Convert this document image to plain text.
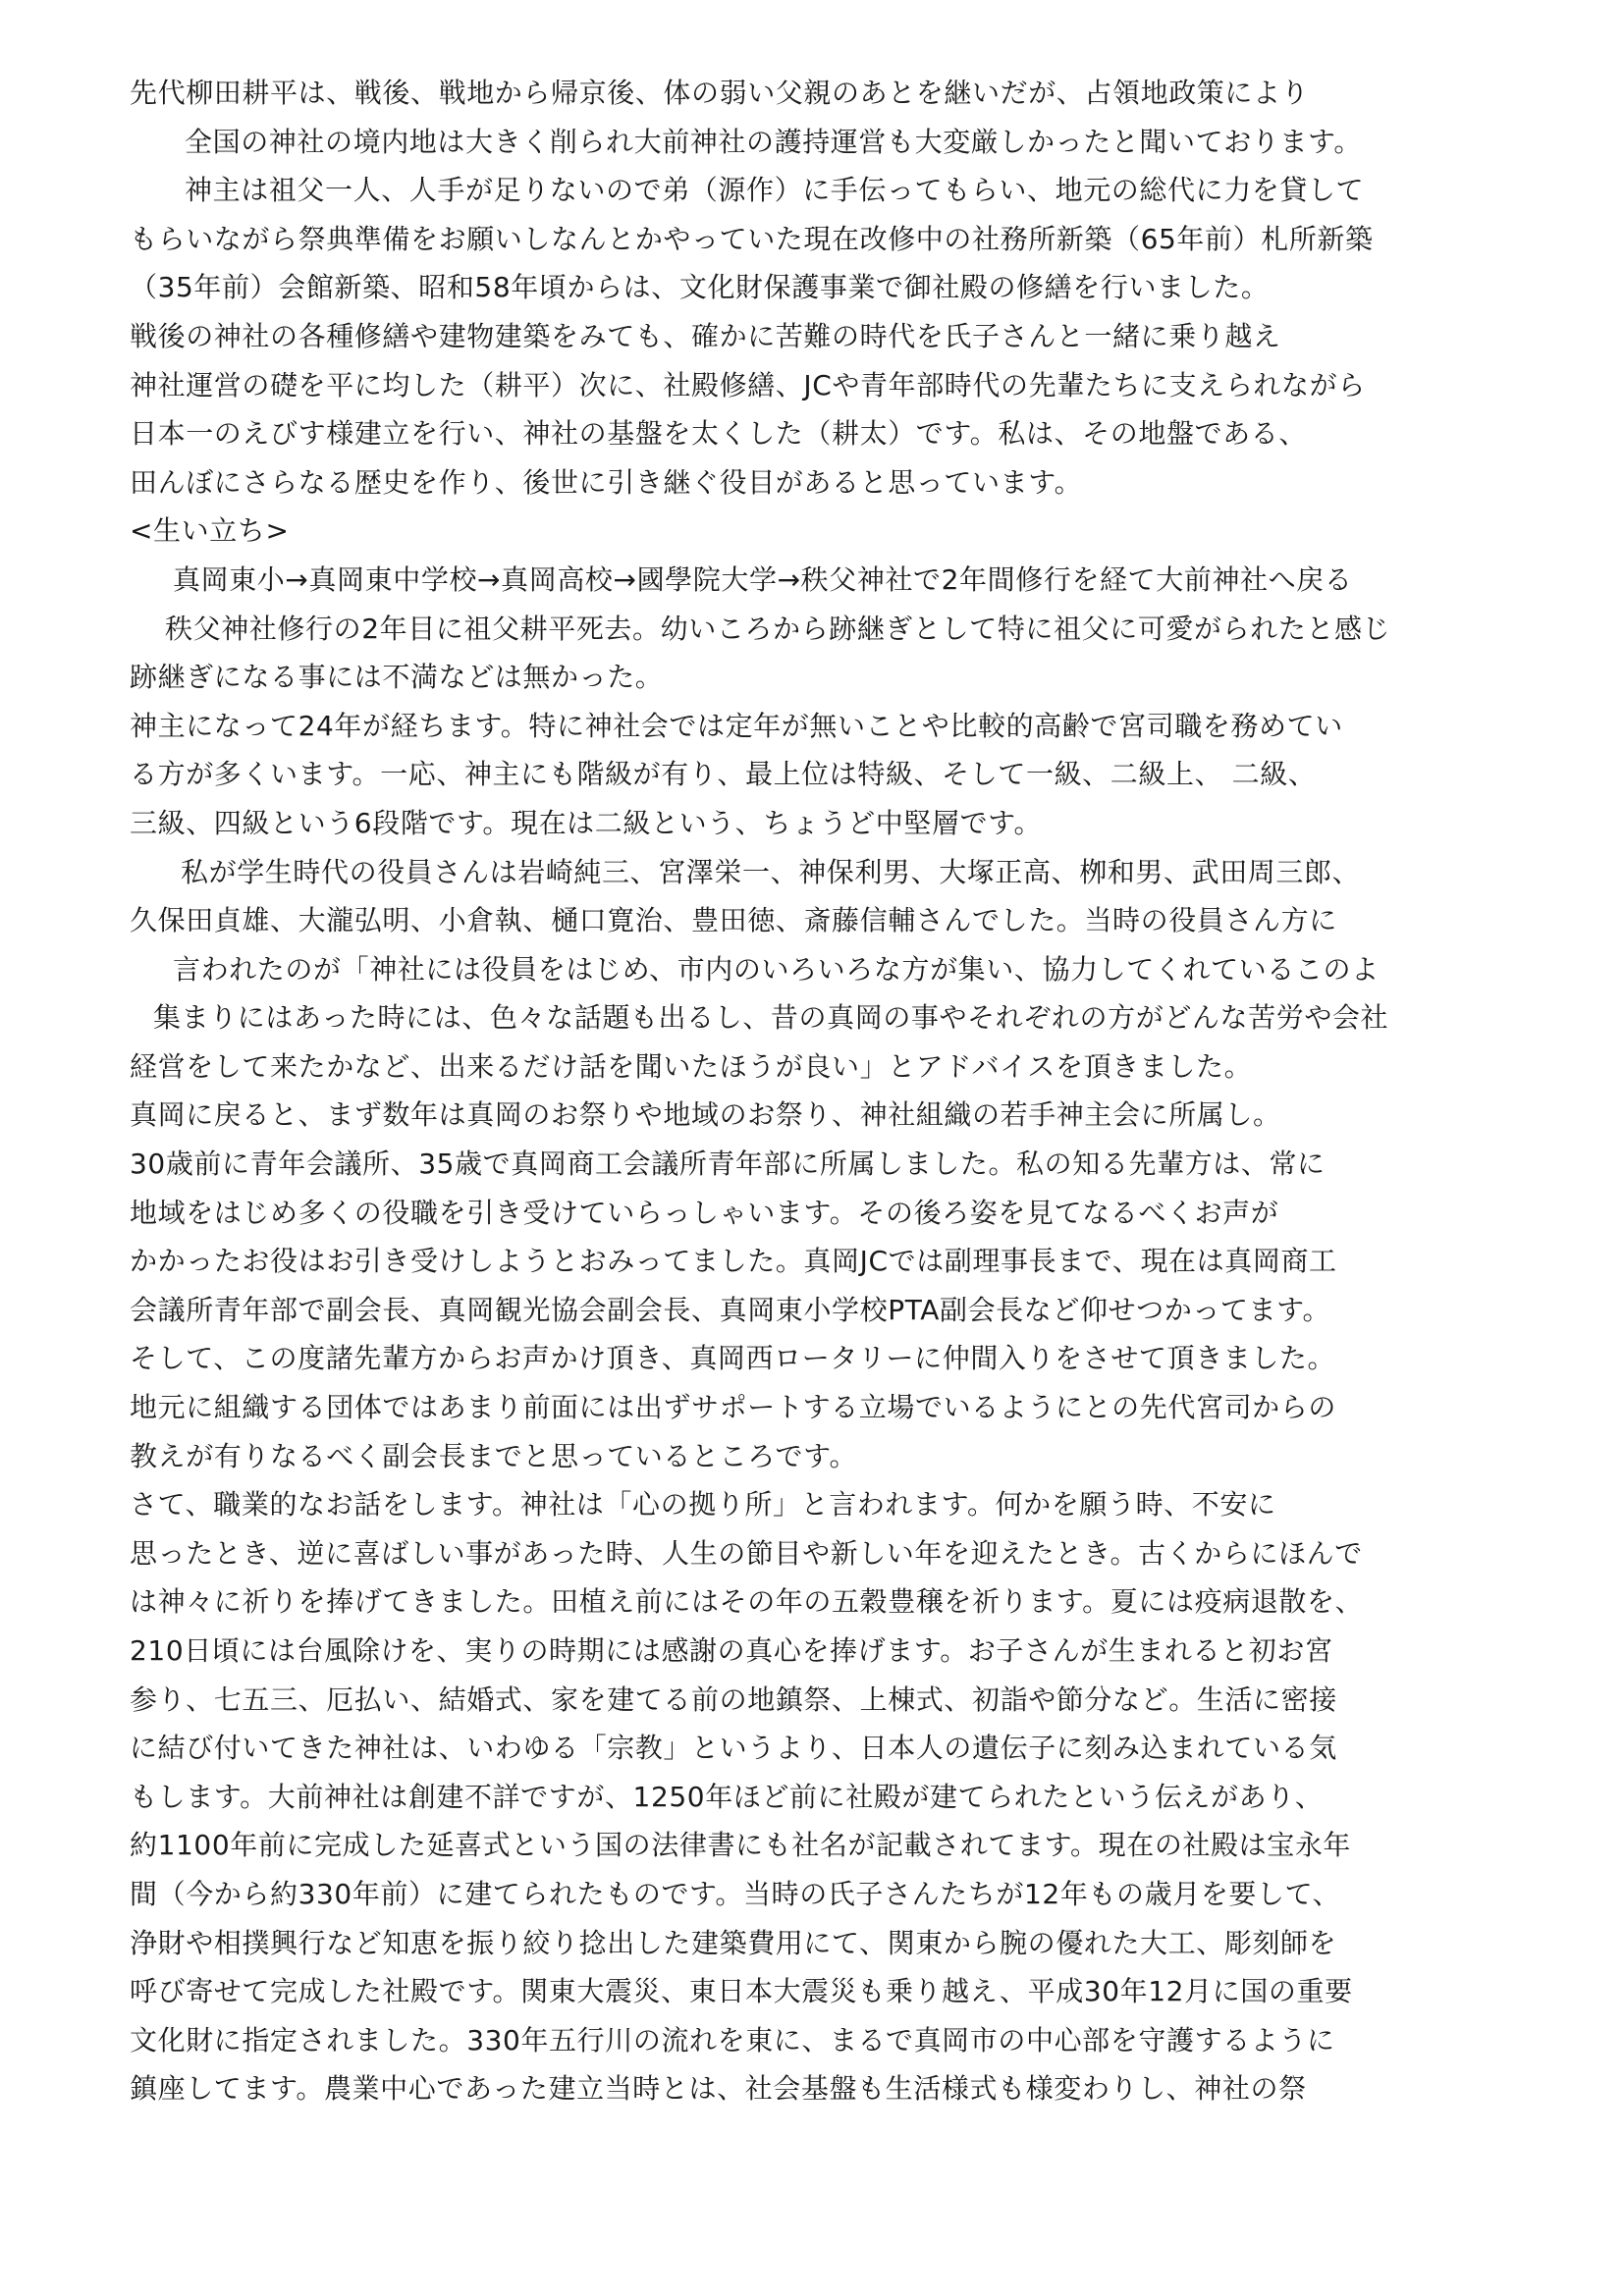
先代柳田耕平は、戦後、戦地から帰京後、体の弱い父親のあとを継いだが、占領地政策により
全国の神社の境内地は大きく削られ大前神社の護持運営も大変厳しかったと聞いております。
神主は祖父一人、人手が足りないので弟（源作）に手伝ってもらい、地元の総代に力を貸して
もらいながら祭典準備をお願いしなんとかやっていた現在改修中の社務所新築（65年前）札所新築
（35年前）会館新築、昭和58年頃からは、文化財保護事業で御社殿の修繕を行いました。
戦後の神社の各種修繕や建物建築をみても、確かに苦難の時代を氏子さんと一緒に乗り越え
神社運営の礎を平に均した（耕平）次に、社殿修繕、JCや青年部時代の先輩たちに支えられながら
日本一のえびす様建立を行い、神社の基盤を太くした（耕太）です。私は、その地盤である、
田んぼにさらなる歴史を作り、後世に引き継ぐ役目があると思っています。
<生い立ち>
真岡東小→真岡東中学校→真岡高校→國學院大学→秩父神社で2年間修行を経て大前神社へ戻る
秩父神社修行の2年目に祖父耕平死去。幼いころから跡継ぎとして特に祖父に可愛がられたと感じ
跡継ぎになる事には不満などは無かった。
神主になって24年が経ちます。特に神社会では定年が無いことや比較的高齢で宮司職を務めてい
る方が多くいます。一応、神主にも階級が有り、最上位は特級、そして一級、二級上、 二級、
三級、四級という6段階です。現在は二級という、ちょうど中堅層です。
私が学生時代の役員さんは岩崎純三、宮澤栄一、神保利男、大塚正高、栁和男、武田周三郎、
久保田貞雄、大瀧弘明、小倉執、樋口寛治、豊田徳、斎藤信輔さんでした。当時の役員さん方に
言われたのが「神社には役員をはじめ、市内のいろいろな方が集い、協力してくれているこのよ
集まりにはあった時には、色々な話題も出るし、昔の真岡の事やそれぞれの方がどんな苦労や会社
経営をして来たかなど、出来るだけ話を聞いたほうが良い」とアドバイスを頂きました。
真岡に戻ると、まず数年は真岡のお祭りや地域のお祭り、神社組織の若手神主会に所属し。
30歳前に青年会議所、35歳で真岡商工会議所青年部に所属しました。私の知る先輩方は、常に
地域をはじめ多くの役職を引き受けていらっしゃいます。その後ろ姿を見てなるべくお声が
かかったお役はお引き受けしようとおみってました。真岡JCでは副理事長まで、現在は真岡商工
会議所青年部で副会長、真岡観光協会副会長、真岡東小学校PTA副会長など仰せつかってます。
そして、この度諸先輩方からお声かけ頂き、真岡西ロータリーに仲間入りをさせて頂きました。
地元に組織する団体ではあまり前面には出ずサポートする立場でいるようにとの先代宮司からの
教えが有りなるべく副会長までと思っているところです。
さて、職業的なお話をします。神社は「心の拠り所」と言われます。何かを願う時、不安に
思ったとき、逆に喜ばしい事があった時、人生の節目や新しい年を迎えたとき。古くからにほんで
は神々に祈りを捧げてきました。田植え前にはその年の五穀豊穣を祈ります。夏には疫病退散を、
210日頃には台風除けを、実りの時期には感謝の真心を捧げます。お子さんが生まれると初お宮
参り、七五三、厄払い、結婚式、家を建てる前の地鎮祭、上棟式、初詣や節分など。生活に密接
に結び付いてきた神社は、いわゆる「宗教」というより、日本人の遺伝子に刻み込まれている気
もします。大前神社は創建不詳ですが、1250年ほど前に社殿が建てられたという伝えがあり、
約1100年前に完成した延喜式という国の法律書にも社名が記載されてます。現在の社殿は宝永年
間（今から約330年前）に建てられたものです。当時の氏子さんたちが12年もの歳月を要して、
浄財や相撲興行など知恵を振り絞り捻出した建築費用にて、関東から腕の優れた大工、彫刻師を
呼び寄せて完成した社殿です。関東大震災、東日本大震災も乗り越え、平成30年12月に国の重要
文化財に指定されました。330年五行川の流れを東に、まるで真岡市の中心部を守護するように
鎮座してます。農業中心であった建立当時とは、社会基盤も生活様式も様変わりし、神社の祭
